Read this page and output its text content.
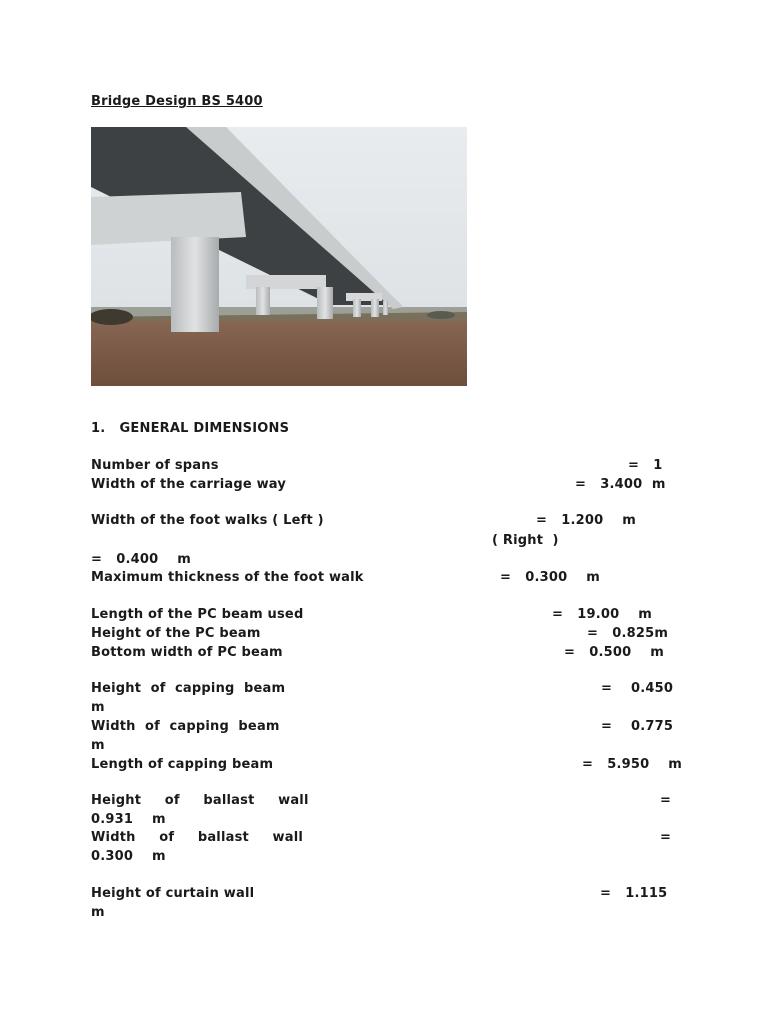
Bridge Design BS 5400
1.   GENERAL DIMENSIONS
Number of spans	=   1
Width of the carriage way	=   3.400  m
Width of the foot walks ( Left )	=   1.200    m
( Right  )
=   0.400    m
Maximum thickness of the foot walk	=   0.300    m
Length of the PC beam used	=   19.00    m
Height of the PC beam	=   0.825m
Bottom width of PC beam	=   0.500    m
Height  of  capping  beam	=    0.450
m
Width  of  capping  beam	=    0.775
m
Length of capping beam	=   5.950    m
Height     of     ballast     wall	=
0.931    m
Width     of     ballast     wall	=
0.300    m
Height of curtain wall	=   1.115
m
